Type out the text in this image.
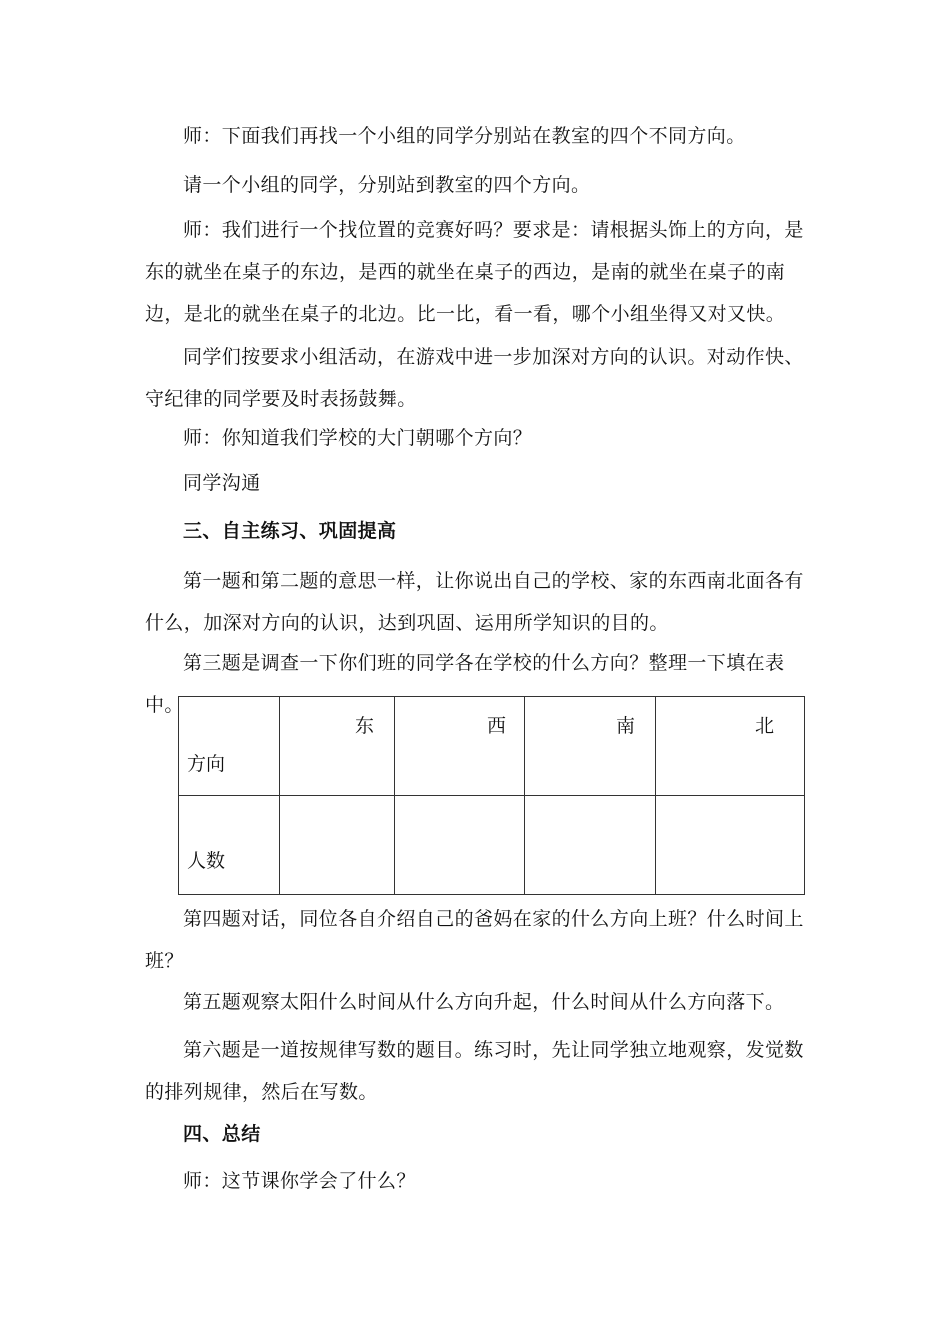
师：下面我们再找一个小组的同学分别站在教室的四个不同方向。

请一个小组的同学，分别站到教室的四个方向。

师：我们进行一个找位置的竞赛好吗？要求是：请根据头饰上的方向，是东的就坐在桌子的东边，是西的就坐在桌子的西边，是南的就坐在桌子的南边，是北的就坐在桌子的北边。比一比，看一看，哪个小组坐得又对又快。

同学们按要求小组活动，在游戏中进一步加深对方向的认识。对动作快、守纪律的同学要及时表扬鼓舞。

师：你知道我们学校的大门朝哪个方向？

同学沟通

三、自主练习、巩固提高

第一题和第二题的意思一样，让你说出自己的学校、家的东西南北面各有什么，加深对方向的认识，达到巩固、运用所学知识的目的。

第三题是调查一下你们班的同学各在学校的什么方向？整理一下填在表中。

方向	东	西	南	北

人数				

第四题对话，同位各自介绍自己的爸妈在家的什么方向上班？什么时间上班？

第五题观察太阳什么时间从什么方向升起，什么时间从什么方向落下。

第六题是一道按规律写数的题目。练习时，先让同学独立地观察，发觉数的排列规律，然后在写数。

四、总结

师：这节课你学会了什么？
